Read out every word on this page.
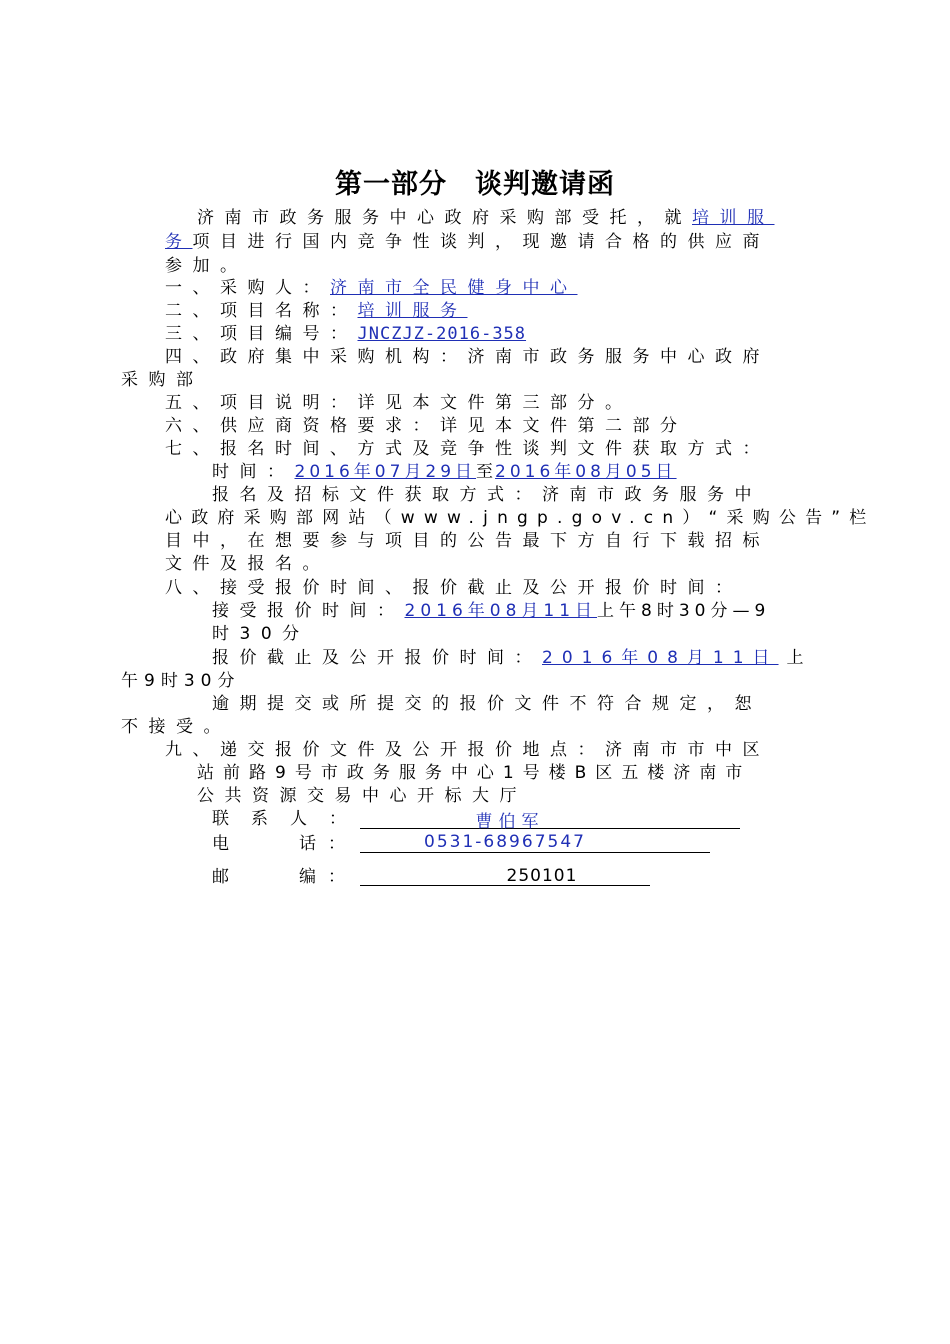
第一部分　谈判邀请函
济南市政务服务中心政府采购部受托，就培训服
务项目进行国内竞争性谈判，现邀请合格的供应商
参加。
一、采购人：济南市全民健身中心
二、项目名称：培训服务
三、项目编号：JNCZJZ-2016-358
四、政府集中采购机构：济南市政务服务中心政府
采购部
五、项目说明：详见本文件第三部分。
六、供应商资格要求：详见本文件第二部分
七、报名时间、方式及竞争性谈判文件获取方式：
时间：2016年07月29日至2016年08月05日
报名及招标文件获取方式：济南市政务服务中
心政府采购部网站（www.jngp.gov.cn）“采购公告”栏
目中，在想要参与项目的公告最下方自行下载招标
文件及报名。
八、接受报价时间、报价截止及公开报价时间：
接受报价时间：2016年08月11日上午8时30分—9
时30分
报价截止及公开报价时间：2016年08月11日 上
午9时30分
逾期提交或所提交的报价文件不符合规定，恕
不接受。
九、递交报价文件及公开报价地点：济南市市中区
站前路9号市政务服务中心1号楼B区五楼济南市
公共资源交易中心开标大厅
联系人：	曹伯军
电　　话：	0531-68967547
邮　　编：	250101
